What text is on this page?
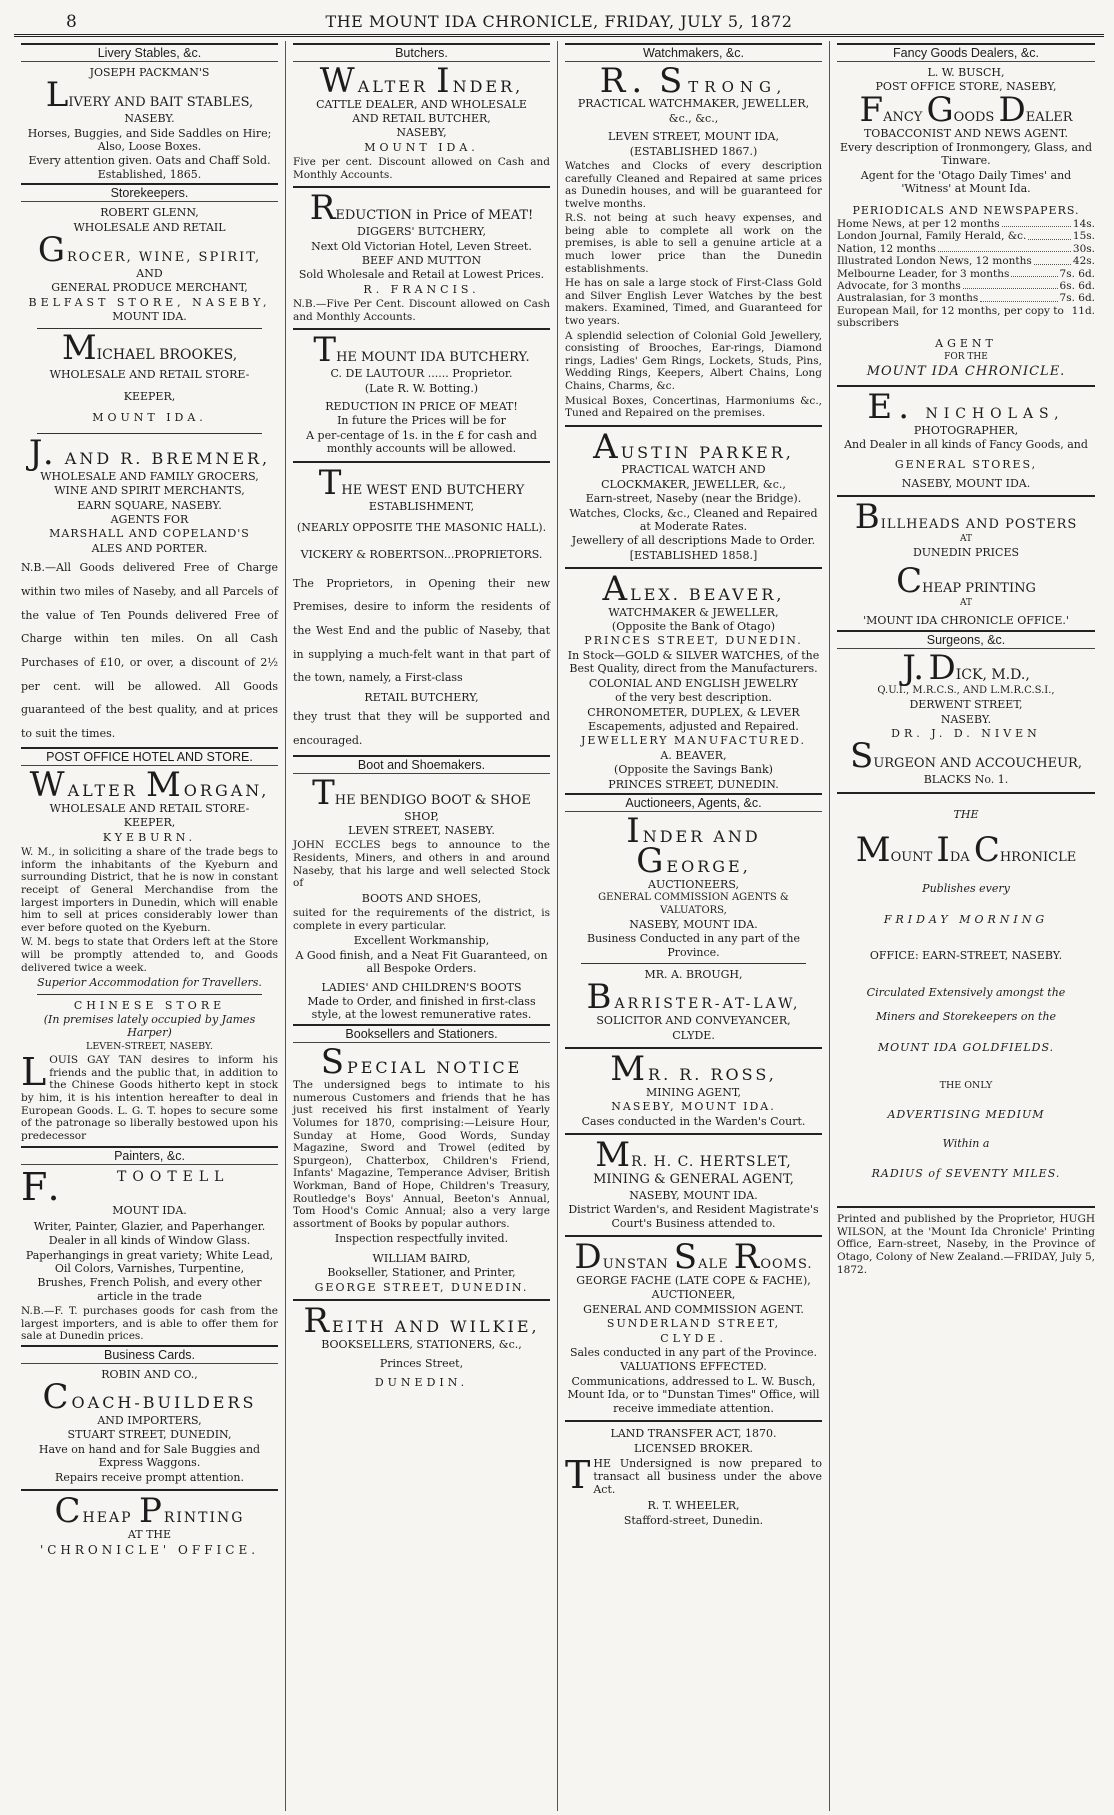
8	THE MOUNT IDA CHRONICLE, FRIDAY, JULY 5, 1872
Livery Stables, &c.
JOSEPH PACKMAN'S
LIVERY AND BAIT STABLES,
NASEBY.
Horses, Buggies, and Side Saddles on Hire; Also, Loose Boxes.
Every attention given. Oats and Chaff Sold. Established, 1865.
Storekeepers.
ROBERT GLENN,
WHOLESALE AND RETAIL
GROCER, WINE, SPIRIT,
AND
GENERAL PRODUCE MERCHANT,
BELFAST STORE, NASEBY,
MOUNT IDA.
MICHAEL BROOKES,
WHOLESALE AND RETAIL STORE-
KEEPER,
MOUNT IDA.
J. AND R. BREMNER,
WHOLESALE AND FAMILY GROCERS,
WINE AND SPIRIT MERCHANTS,
EARN SQUARE, NASEBY.
AGENTS FOR
MARSHALL AND COPELAND'S
ALES AND PORTER.

N.B.—All Goods delivered Free of Charge within two miles of Naseby, and all Parcels of the value of Ten Pounds delivered Free of Charge within ten miles. On all Cash Purchases of £10, or over, a discount of 2½ per cent. will be allowed. All Goods guaranteed of the best quality, and at prices to suit the times.

POST OFFICE HOTEL AND STORE.
WALTER MORGAN,
WHOLESALE AND RETAIL STORE-
KEEPER,
KYEBURN.

W. M., in soliciting a share of the trade begs to inform the inhabitants of the Kyeburn and surrounding District, that he is now in constant receipt of General Merchandise from the largest importers in Dunedin, which will enable him to sell at prices considerably lower than ever before quoted on the Kyeburn.

W. M. begs to state that Orders left at the Store will be promptly attended to, and Goods delivered twice a week.

Superior Accommodation for Travellers.
CHINESE STORE
(In premises lately occupied by James Harper)
LEVEN-STREET, NASEBY.

LOUIS GAY TAN desires to inform his friends and the public that, in addition to the Chinese Goods hitherto kept in stock by him, it is his intention hereafter to deal in European Goods. L. G. T. hopes to secure some of the patronage so liberally bestowed upon his predecessor

Painters, &c.
F.	TOOTELL
MOUNT IDA.
Writer, Painter, Glazier, and Paperhanger.
Dealer in all kinds of Window Glass.
Paperhangings in great variety; White Lead, Oil Colors, Varnishes, Turpentine,
Brushes, French Polish, and every other article in the trade

N.B.—F. T. purchases goods for cash from the largest importers, and is able to offer them for sale at Dunedin prices.

Business Cards.
ROBIN AND CO.,
COACH-BUILDERS
AND IMPORTERS,
STUART STREET, DUNEDIN,
Have on hand and for Sale Buggies and Express Waggons.
Repairs receive prompt attention.
CHEAP PRINTING
AT THE
'CHRONICLE' OFFICE.
Butchers.
WALTER INDER,
CATTLE DEALER, AND WHOLESALE
AND RETAIL BUTCHER,
NASEBY,
MOUNT IDA.

Five per cent. Discount allowed on Cash and Monthly Accounts.

REDUCTION in Price of MEAT!
DIGGERS' BUTCHERY,
Next Old Victorian Hotel, Leven Street.
BEEF AND MUTTON
Sold Wholesale and Retail at Lowest Prices.
R. FRANCIS.

N.B.—Five Per Cent. Discount allowed on Cash and Monthly Accounts.

THE MOUNT IDA BUTCHERY.
C. DE LAUTOUR ...... Proprietor.
(Late R. W. Botting.)
REDUCTION IN PRICE OF MEAT!
In future the Prices will be for
A per-centage of 1s. in the £ for cash and monthly accounts will be allowed.
THE WEST END BUTCHERY
ESTABLISHMENT,
(NEARLY OPPOSITE THE MASONIC HALL).
VICKERY & ROBERTSON...PROPRIETORS.

The Proprietors, in Opening their new Premises, desire to inform the residents of the West End and the public of Naseby, that in supplying a much-felt want in that part of the town, namely, a First-class

RETAIL BUTCHERY,

they trust that they will be supported and encouraged.

Boot and Shoemakers.
THE BENDIGO BOOT & SHOE
SHOP,
LEVEN STREET, NASEBY.

JOHN ECCLES begs to announce to the Residents, Miners, and others in and around Naseby, that his large and well selected Stock of

BOOTS AND SHOES,

suited for the requirements of the district, is complete in every particular.

Excellent Workmanship,
A Good finish, and a Neat Fit Guaranteed, on all Bespoke Orders.
LADIES' AND CHILDREN'S BOOTS
Made to Order, and finished in first-class style, at the lowest remunerative rates.
Booksellers and Stationers.
SPECIAL NOTICE

The undersigned begs to intimate to his numerous Customers and friends that he has just received his first instalment of Yearly Volumes for 1870, comprising:—Leisure Hour, Sunday at Home, Good Words, Sunday Magazine, Sword and Trowel (edited by Spurgeon), Chatterbox, Children's Friend, Infants' Magazine, Temperance Adviser, British Workman, Band of Hope, Children's Treasury, Routledge's Boys' Annual, Beeton's Annual, Tom Hood's Comic Annual; also a very large assortment of Books by popular authors.

Inspection respectfully invited.
WILLIAM BAIRD,
Bookseller, Stationer, and Printer,
GEORGE STREET, DUNEDIN.
REITH AND WILKIE,
BOOKSELLERS, STATIONERS, &c.,
Princes Street,
DUNEDIN.
Watchmakers, &c.
R. STRONG,
PRACTICAL WATCHMAKER, JEWELLER,
&c., &c.,
LEVEN STREET, MOUNT IDA,
(ESTABLISHED 1867.)

Watches and Clocks of every description carefully Cleaned and Repaired at same prices as Dunedin houses, and will be guaranteed for twelve months.

R.S. not being at such heavy expenses, and being able to complete all work on the premises, is able to sell a genuine article at a much lower price than the Dunedin establishments.

He has on sale a large stock of First-Class Gold and Silver English Lever Watches by the best makers. Examined, Timed, and Guaranteed for two years.

A splendid selection of Colonial Gold Jewellery, consisting of Brooches, Ear-rings, Diamond rings, Ladies' Gem Rings, Lockets, Studs, Pins, Wedding Rings, Keepers, Albert Chains, Long Chains, Charms, &c.

Musical Boxes, Concertinas, Harmoniums &c., Tuned and Repaired on the premises.

AUSTIN PARKER,
PRACTICAL WATCH AND
CLOCKMAKER, JEWELLER, &c.,
Earn-street, Naseby (near the Bridge).
Watches, Clocks, &c., Cleaned and Repaired at Moderate Rates.
Jewellery of all descriptions Made to Order.
[ESTABLISHED 1858.]
ALEX. BEAVER,
WATCHMAKER & JEWELLER,
(Opposite the Bank of Otago)
PRINCES STREET, DUNEDIN.
In Stock—GOLD & SILVER WATCHES, of the Best Quality, direct from the Manufacturers.
COLONIAL AND ENGLISH JEWELRY
of the very best description.
CHRONOMETER, DUPLEX, & LEVER
Escapements, adjusted and Repaired.
JEWELLERY MANUFACTURED.
A. BEAVER,
(Opposite the Savings Bank)
PRINCES STREET, DUNEDIN.
Auctioneers, Agents, &c.
INDER AND GEORGE,
AUCTIONEERS,
GENERAL COMMISSION AGENTS & VALUATORS,
NASEBY, MOUNT IDA.
Business Conducted in any part of the Province.
MR. A. BROUGH,
BARRISTER-AT-LAW,
SOLICITOR AND CONVEYANCER,
CLYDE.
MR. R. ROSS,
MINING AGENT,
NASEBY, MOUNT IDA.
Cases conducted in the Warden's Court.
MR. H. C. HERTSLET,
MINING & GENERAL AGENT,
NASEBY, MOUNT IDA.
District Warden's, and Resident Magistrate's Court's Business attended to.
DUNSTAN SALE ROOMS.
GEORGE FACHE (LATE COPE & FACHE),
AUCTIONEER,
GENERAL AND COMMISSION AGENT.
SUNDERLAND STREET,
CLYDE.
Sales conducted in any part of the Province.
VALUATIONS EFFECTED.
Communications, addressed to L. W. Busch, Mount Ida, or to "Dunstan Times" Office, will receive immediate attention.
LAND TRANSFER ACT, 1870.
LICENSED BROKER.

THE Undersigned is now prepared to transact all business under the above Act.

R. T. WHEELER,
Stafford-street, Dunedin.
Fancy Goods Dealers, &c.
L. W. BUSCH,
POST OFFICE STORE, NASEBY,
FANCY GOODS DEALER
TOBACCONIST AND NEWS AGENT.
Every description of Ironmongery, Glass, and Tinware.
Agent for the 'Otago Daily Times' and 'Witness' at Mount Ida.
PERIODICALS AND NEWSPAPERS.
Home News, at per 12 months	14s.
London Journal, Family Herald, &c.	15s.
Nation, 12 months	30s.
Illustrated London News, 12 months	42s.
Melbourne Leader, for 3 months	7s. 6d.
Advocate, for 3 months	6s. 6d.
Australasian, for 3 months	7s. 6d.
European Mail, for 12 months, per copy to subscribers
11d.
AGENT
FOR THE
MOUNT IDA CHRONICLE.
E. NICHOLAS,
PHOTOGRAPHER,
And Dealer in all kinds of Fancy Goods, and
GENERAL STORES,
NASEBY, MOUNT IDA.
BILLHEADS AND POSTERS
AT
DUNEDIN PRICES
CHEAP PRINTING
AT
'MOUNT IDA CHRONICLE OFFICE.'
Surgeons, &c.
J. DICK, M.D.,
Q.U.I., M.R.C.S., AND L.M.R.C.S.I.,
DERWENT STREET,
NASEBY.
DR. J. D. NIVEN
SURGEON AND ACCOUCHEUR,
BLACKS No. 1.
THE
MOUNT IDA CHRONICLE
Publishes every
FRIDAY MORNING
OFFICE: EARN-STREET, NASEBY.
Circulated Extensively amongst the
Miners and Storekeepers on the
MOUNT IDA GOLDFIELDS.
THE ONLY
ADVERTISING MEDIUM
Within a
RADIUS of SEVENTY MILES.

Printed and published by the Proprietor, HUGH WILSON, at the 'Mount Ida Chronicle' Printing Office, Earn-street, Naseby, in the Province of Otago, Colony of New Zealand.—FRIDAY, July 5, 1872.
